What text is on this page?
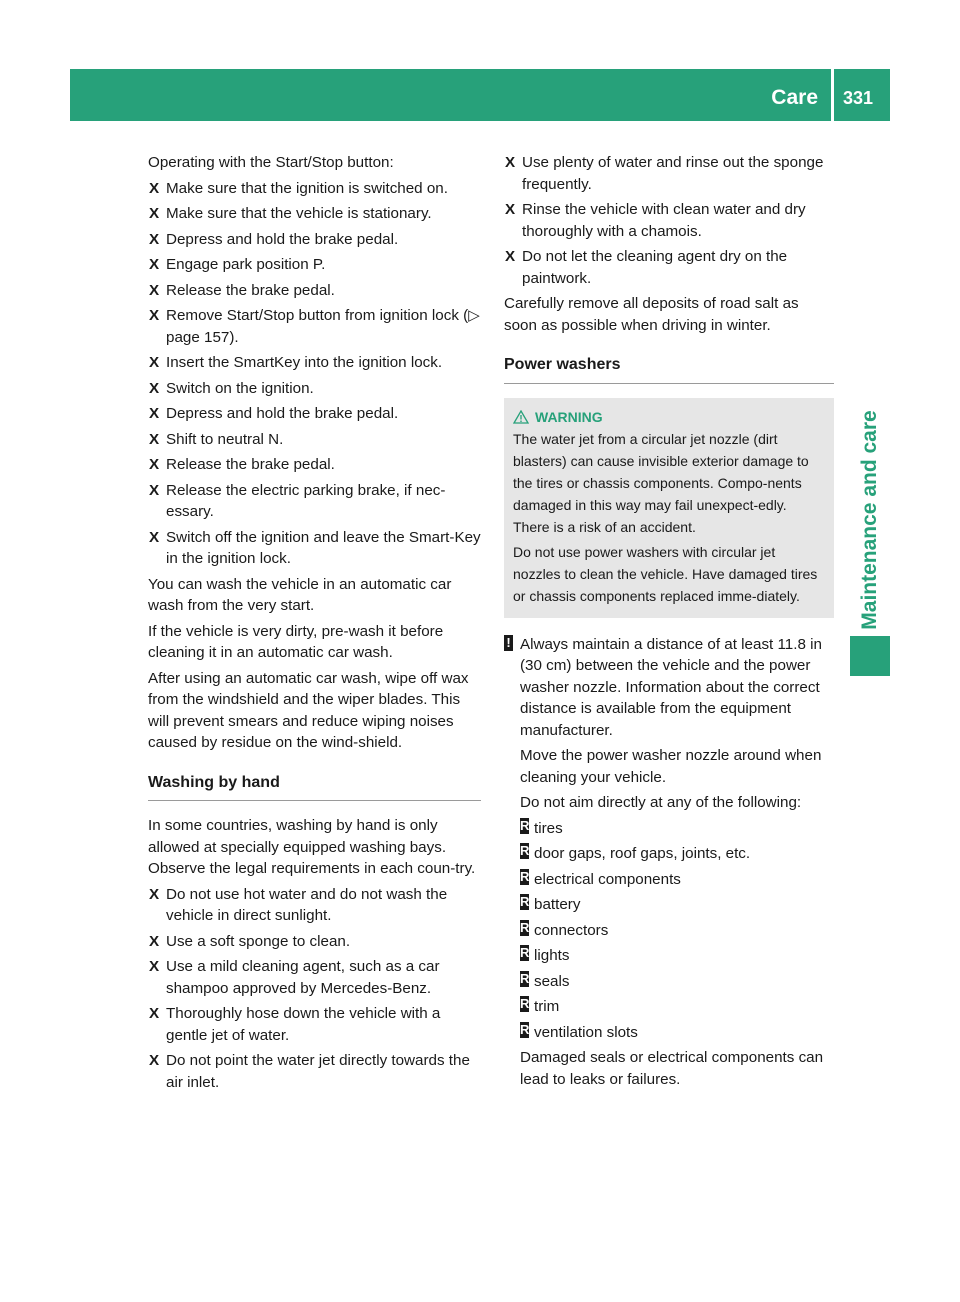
Care 331
Maintenance and care

Operating with the Start/Stop button:

X Make sure that the ignition is switched on.
X Make sure that the vehicle is stationary.
X Depress and hold the brake pedal.
X Engage park position P.
X Release the brake pedal.
X Remove Start/Stop button from ignition lock (▷ page 157).
X Insert the SmartKey into the ignition lock.
X Switch on the ignition.
X Depress and hold the brake pedal.
X Shift to neutral N.
X Release the brake pedal.
X Release the electric parking brake, if nec-essary.
X Switch off the ignition and leave the Smart-Key in the ignition lock.

You can wash the vehicle in an automatic car wash from the very start.

If the vehicle is very dirty, pre-wash it before cleaning it in an automatic car wash.

After using an automatic car wash, wipe off wax from the windshield and the wiper blades. This will prevent smears and reduce wiping noises caused by residue on the wind-shield.

Washing by hand

In some countries, washing by hand is only allowed at specially equipped washing bays. Observe the legal requirements in each coun-try.

X Do not use hot water and do not wash the vehicle in direct sunlight.
X Use a soft sponge to clean.
X Use a mild cleaning agent, such as a car shampoo approved by Mercedes-Benz.
X Thoroughly hose down the vehicle with a gentle jet of water.
X Do not point the water jet directly towards the air inlet.
X Use plenty of water and rinse out the sponge frequently.
X Rinse the vehicle with clean water and dry thoroughly with a chamois.
X Do not let the cleaning agent dry on the paintwork.

Carefully remove all deposits of road salt as soon as possible when driving in winter.

Power washers
WARNING

The water jet from a circular jet nozzle (dirt blasters) can cause invisible exterior damage to the tires or chassis components. Compo-nents damaged in this way may fail unexpect-edly. There is a risk of an accident.

Do not use power washers with circular jet nozzles to clean the vehicle. Have damaged tires or chassis components replaced imme-diately.

! Always maintain a distance of at least 11.8 in (30 cm) between the vehicle and the power washer nozzle. Information about the correct distance is available from the equipment manufacturer.

Move the power washer nozzle around when cleaning your vehicle.

Do not aim directly at any of the following:

R tires
R door gaps, roof gaps, joints, etc.
R electrical components
R battery
R connectors
R lights
R seals
R trim
R ventilation slots

Damaged seals or electrical components can lead to leaks or failures.
